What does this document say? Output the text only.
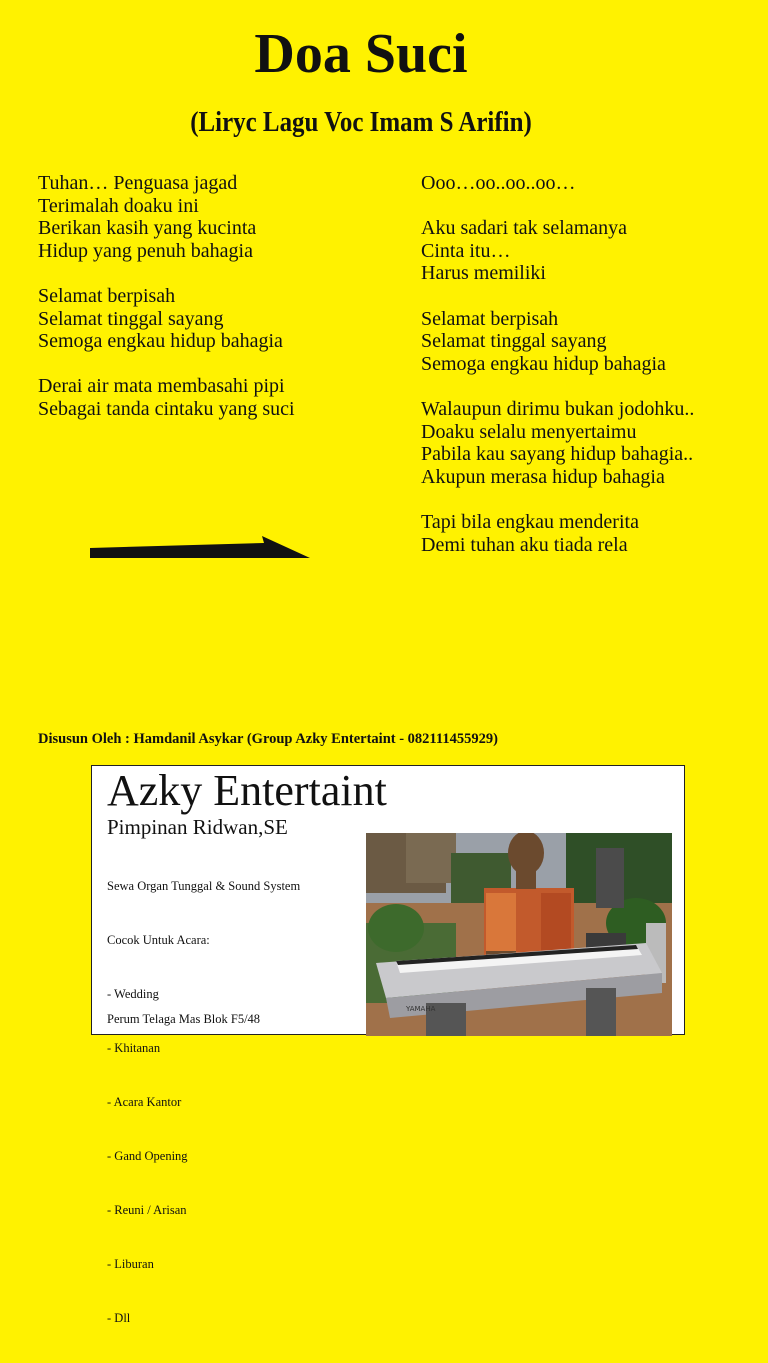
Doa Suci
(Liryc Lagu Voc Imam S Arifin)
Tuhan… Penguasa jagad
Terimalah doaku ini
Berikan kasih yang kucinta
Hidup yang penuh bahagia
Selamat berpisah
Selamat tinggal sayang
Semoga engkau hidup bahagia
Derai air mata membasahi pipi
Sebagai tanda cintaku yang suci
Ooo…oo..oo..oo…
Aku sadari tak selamanya
Cinta itu…
Harus memiliki
Selamat berpisah
Selamat tinggal sayang
Semoga engkau hidup bahagia
Walaupun dirimu bukan jodohku..
Doaku selalu menyertaimu
Pabila kau sayang hidup bahagia..
Akupun merasa hidup bahagia
Tapi bila engkau menderita
Demi tuhan aku tiada rela
Disusun Oleh : Hamdanil Asykar (Group Azky Entertaint - 082111455929)
Azky Entertaint
Pimpinan Ridwan,SE

Sewa Organ Tunggal & Sound System

Cocok Untuk Acara:

- Wedding

- Khitanan

- Acara Kantor

- Gand Opening

- Reuni / Arisan

- Liburan

- Dll

Perum Telaga Mas Blok F5/48
YAMAHA
